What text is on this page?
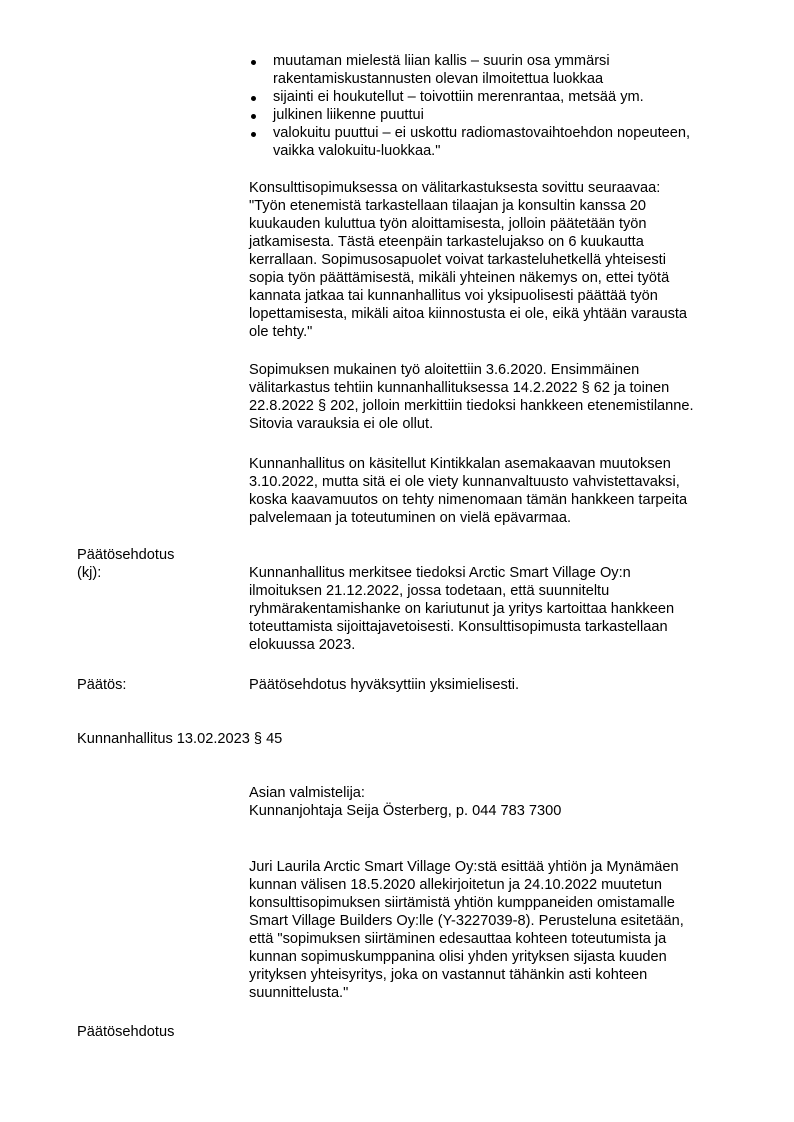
muutaman mielestä liian kallis – suurin osa ymmärsi
rakentamiskustannusten olevan ilmoitettua luokkaa
sijainti ei houkutellut – toivottiin merenrantaa, metsää ym.
julkinen liikenne puuttui
valokuitu puuttui – ei uskottu radiomastovaihtoehdon nopeuteen,
vaikka valokuitu-luokkaa."
Konsulttisopimuksessa on välitarkastuksesta sovittu seuraavaa:
"Työn etenemistä tarkastellaan tilaajan ja konsultin kanssa 20
kuukauden kuluttua työn aloittamisesta, jolloin päätetään työn
jatkamisesta. Tästä eteenpäin tarkastelujakso on 6 kuukautta
kerrallaan. Sopimusosapuolet voivat tarkasteluhetkellä yhteisesti
sopia työn päättämisestä, mikäli yhteinen näkemys on, ettei työtä
kannata jatkaa tai kunnanhallitus voi yksipuolisesti päättää työn
lopettamisesta, mikäli aitoa kiinnostusta ei ole, eikä yhtään varausta
ole tehty."
Sopimuksen mukainen työ aloitettiin 3.6.2020. Ensimmäinen
välitarkastus tehtiin kunnanhallituksessa 14.2.2022 § 62 ja toinen
22.8.2022 § 202, jolloin merkittiin tiedoksi hankkeen etenemistilanne.
Sitovia varauksia ei ole ollut.
Kunnanhallitus on käsitellut Kintikkalan asemakaavan muutoksen
3.10.2022, mutta sitä ei ole viety kunnanvaltuusto vahvistettavaksi,
koska kaavamuutos on tehty nimenomaan tämän hankkeen tarpeita
palvelemaan ja toteutuminen on vielä epävarmaa.
Päätösehdotus
(kj):	Kunnanhallitus merkitsee tiedoksi Arctic Smart Village Oy:n
ilmoituksen 21.12.2022, jossa todetaan, että suunniteltu
ryhmärakentamishanke on kariutunut ja yritys kartoittaa hankkeen
toteuttamista sijoittajavetoisesti. Konsulttisopimusta tarkastellaan
elokuussa 2023.
Päätös:	Päätösehdotus hyväksyttiin yksimielisesti.
Kunnanhallitus 13.02.2023 § 45
Asian valmistelija:
Kunnanjohtaja Seija Österberg, p. 044 783 7300
Juri Laurila Arctic Smart Village Oy:stä esittää yhtiön ja Mynämäen
kunnan välisen 18.5.2020 allekirjoitetun ja 24.10.2022 muutetun
konsulttisopimuksen siirtämistä yhtiön kumppaneiden omistamalle
Smart Village Builders Oy:lle (Y-3227039-8). Perusteluna esitetään,
että "sopimuksen siirtäminen edesauttaa kohteen toteutumista ja
kunnan sopimuskumppanina olisi yhden yrityksen sijasta kuuden
yrityksen yhteisyritys, joka on vastannut tähänkin asti kohteen
suunnittelusta."
Päätösehdotus
